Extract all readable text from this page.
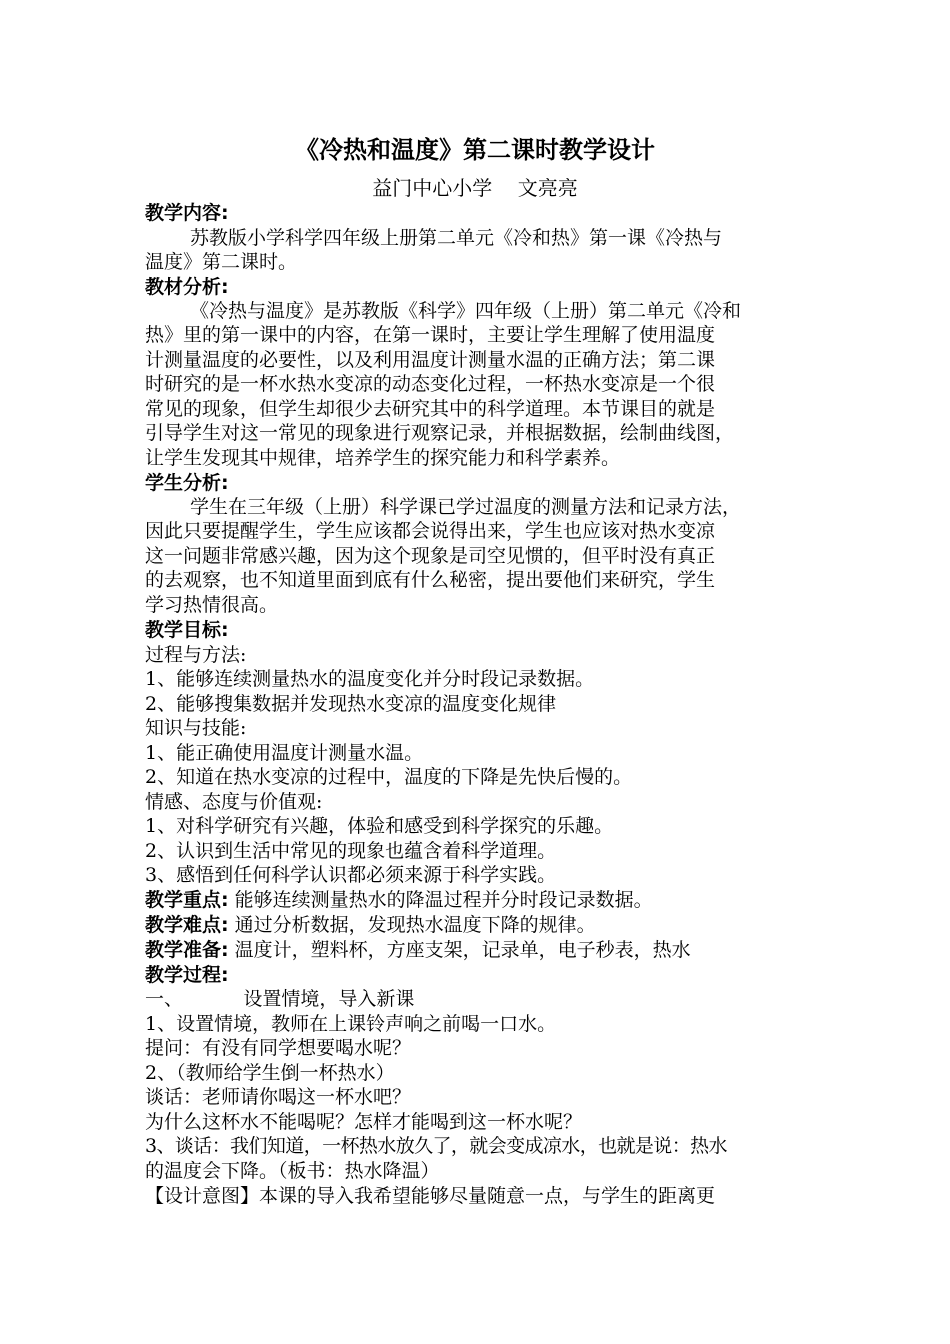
《冷热和温度》第二课时教学设计
益门中心小学    文亮亮
教学内容:
苏教版小学科学四年级上册第二单元《冷和热》第一课《冷热与
温度》第二课时。
教材分析:
《冷热与温度》是苏教版《科学》四年级（上册）第二单元《冷和
热》里的第一课中的内容，在第一课时，主要让学生理解了使用温度
计测量温度的必要性，以及利用温度计测量水温的正确方法；第二课
时研究的是一杯水热水变凉的动态变化过程，一杯热水变凉是一个很
常见的现象，但学生却很少去研究其中的科学道理。本节课目的就是
引导学生对这一常见的现象进行观察记录，并根据数据，绘制曲线图，
让学生发现其中规律，培养学生的探究能力和科学素养。
学生分析:
学生在三年级（上册）科学课已学过温度的测量方法和记录方法，
因此只要提醒学生，学生应该都会说得出来，学生也应该对热水变凉
这一问题非常感兴趣，因为这个现象是司空见惯的，但平时没有真正
的去观察，也不知道里面到底有什么秘密，提出要他们来研究，学生
学习热情很高。
教学目标:
过程与方法:
1、能够连续测量热水的温度变化并分时段记录数据。
2、能够搜集数据并发现热水变凉的温度变化规律
知识与技能:
1、能正确使用温度计测量水温。
2、知道在热水变凉的过程中，温度的下降是先快后慢的。
情感、态度与价值观:
1、对科学研究有兴趣，体验和感受到科学探究的乐趣。
2、认识到生活中常见的现象也蕴含着科学道理。
3、感悟到任何科学认识都必须来源于科学实践。
教学重点: 能够连续测量热水的降温过程并分时段记录数据。
教学难点: 通过分析数据，发现热水温度下降的规律。
教学准备: 温度计，塑料杯，方座支架，记录单，电子秒表，热水
教学过程:
一、          设置情境，导入新课
1、设置情境，教师在上课铃声响之前喝一口水。
提问：有没有同学想要喝水呢？
2、（教师给学生倒一杯热水）
谈话：老师请你喝这一杯水吧？
为什么这杯水不能喝呢？怎样才能喝到这一杯水呢？
3、谈话：我们知道，一杯热水放久了，就会变成凉水，也就是说：热水
的温度会下降。（板书：热水降温）
【设计意图】本课的导入我希望能够尽量随意一点，与学生的距离更
